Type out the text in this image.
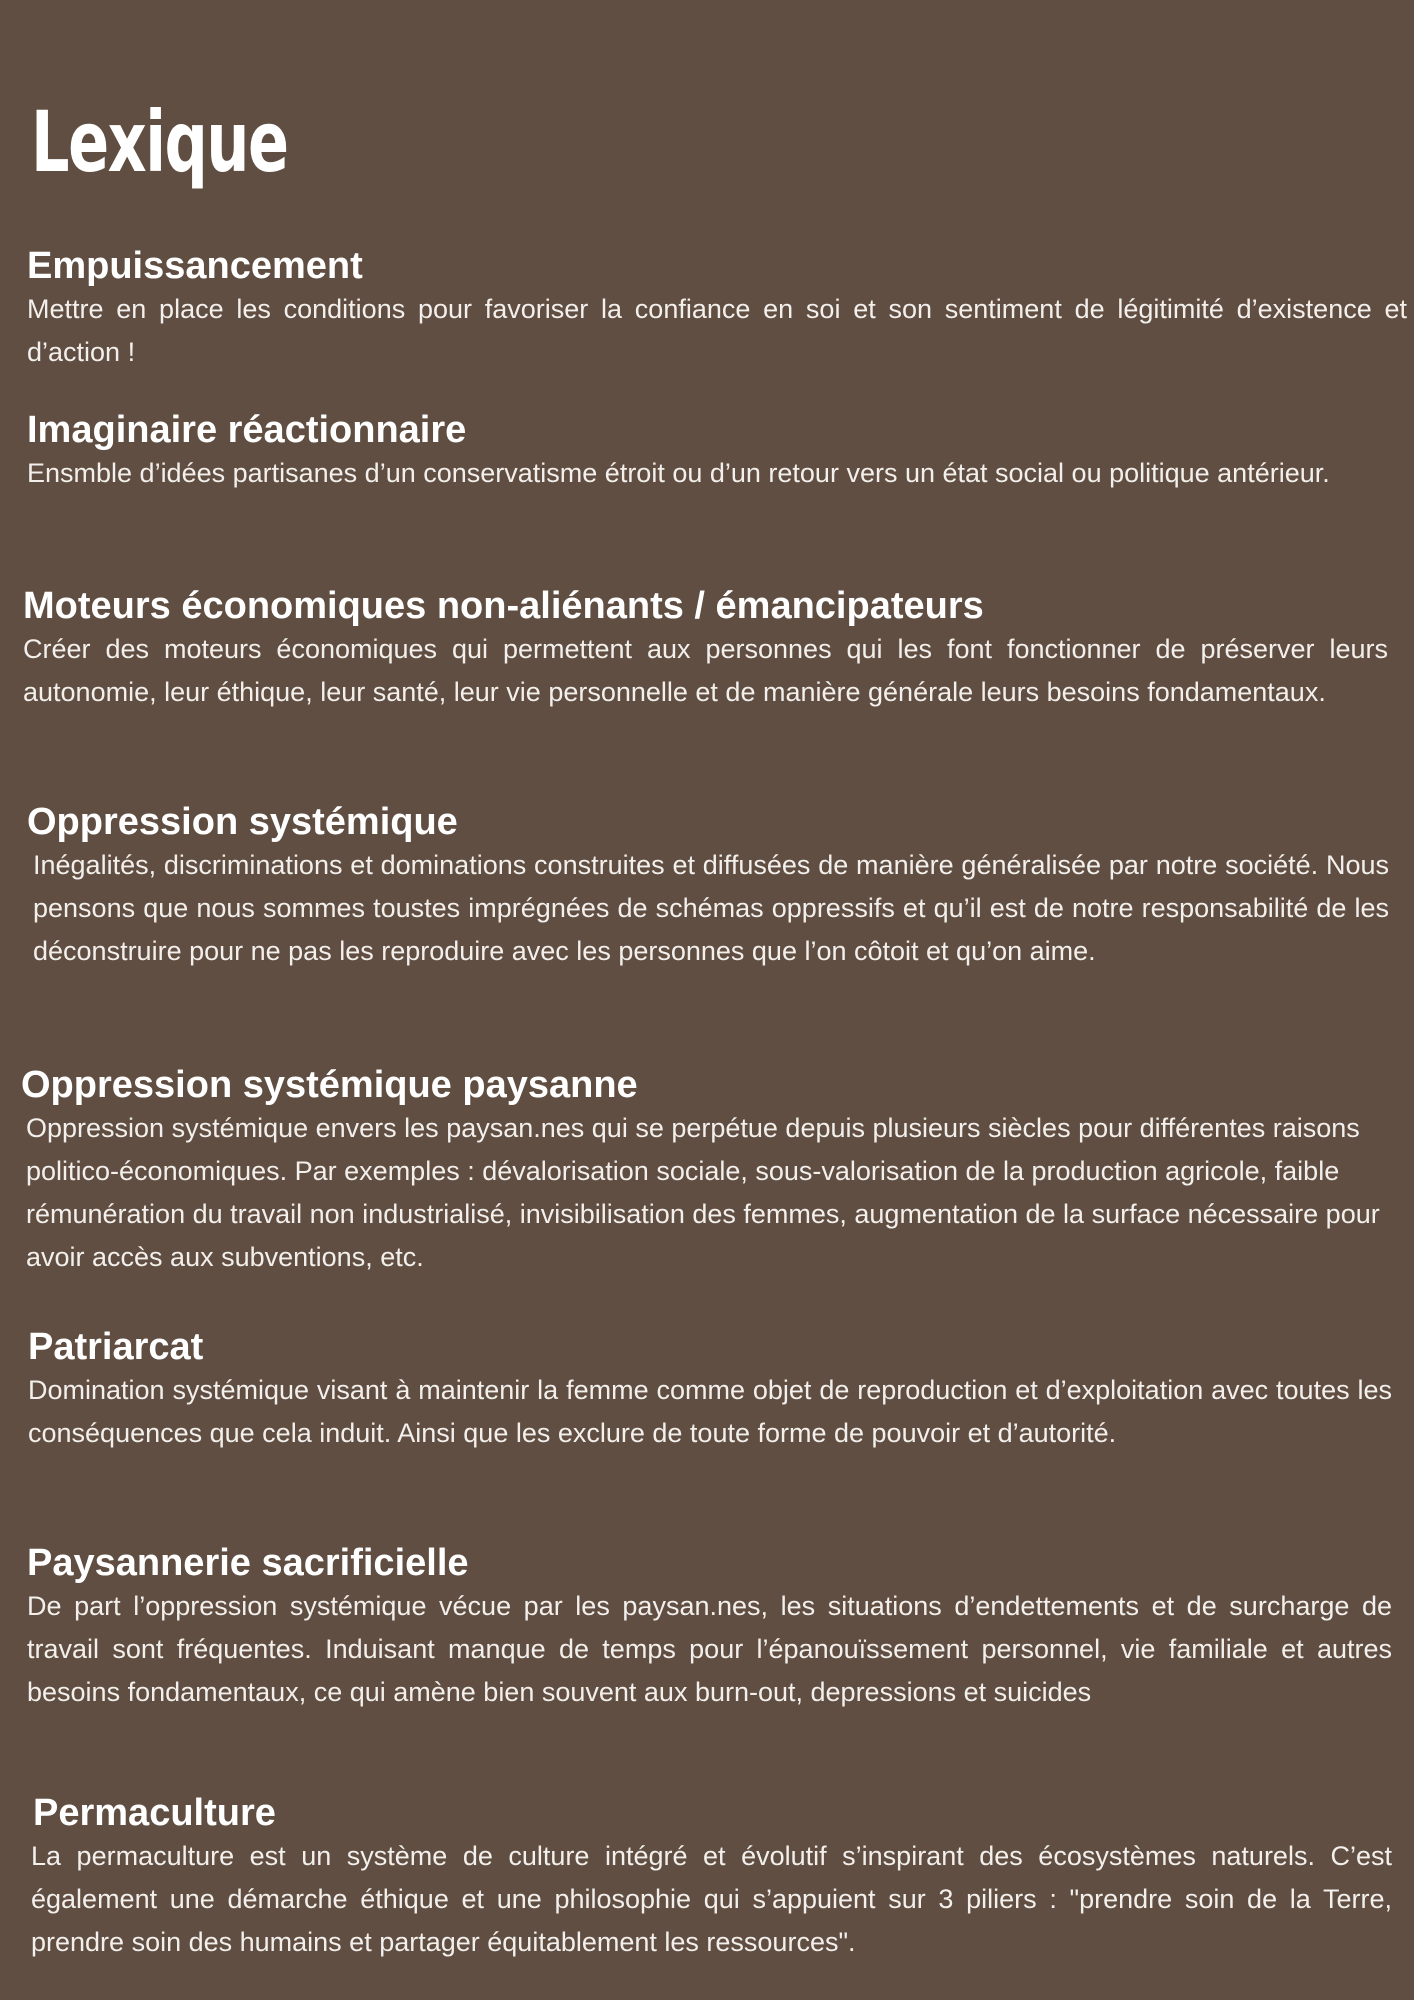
Lexique
Empuissancement

Mettre en place les conditions pour favoriser la confiance en soi et son sentiment de légitimité d’existence et d’action !

Imaginaire réactionnaire

Ensmble d’idées partisanes d’un conservatisme étroit ou d’un retour vers un état social ou politique antérieur.

Moteurs économiques non-aliénants / émancipateurs

Créer des moteurs économiques qui permettent aux personnes qui les font fonctionner de préserver leurs autonomie, leur éthique, leur santé, leur vie personnelle et de manière générale leurs besoins fondamentaux.

Oppression systémique

Inégalités, discriminations et dominations construites et diffusées de manière généralisée par notre société. Nous pensons que nous sommes toustes imprégnées de schémas oppressifs et qu’il est de notre responsabilité de les déconstruire pour ne pas les reproduire avec les personnes que l’on côtoit et qu’on aime.

Oppression systémique paysanne

Oppression systémique envers les paysan.nes qui se perpétue depuis plusieurs siècles pour différentes raisons politico-économiques. Par exemples : dévalorisation sociale, sous-valorisation de la production agricole, faible rémunération du travail non industrialisé, invisibilisation des femmes, augmentation de la surface nécessaire pour avoir accès aux subventions, etc.

Patriarcat

Domination systémique visant à maintenir la femme comme objet de reproduction et d’exploitation avec toutes les conséquences que cela induit. Ainsi que les exclure de toute forme de pouvoir et d’autorité.

Paysannerie sacrificielle

De part l’oppression systémique vécue par les paysan.nes, les situations d’endettements et de surcharge de travail sont fréquentes. Induisant manque de temps pour l’épanouïssement personnel, vie familiale et autres besoins fondamentaux, ce qui amène bien souvent aux burn-out, depressions et suicides

Permaculture

La permaculture est un système de culture intégré et évolutif s’inspirant des écosystèmes naturels. C’est également une démarche éthique et une philosophie qui s’appuient sur 3 piliers : "prendre soin de la Terre, prendre soin des humains et partager équitablement les ressources".
